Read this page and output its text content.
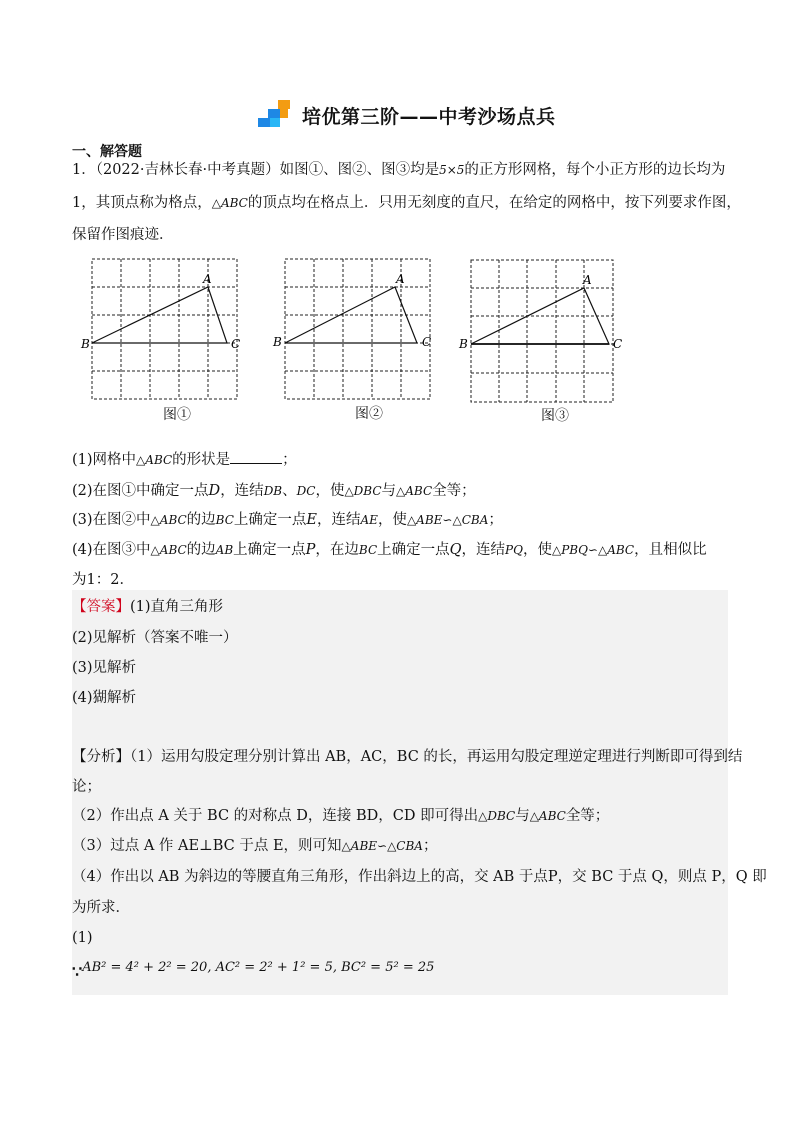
培优第三阶——中考沙场点兵
一、解答题
1．（2022·吉林长春·中考真题）如图①、图②、图③均是5×5的正方形网格，每个小正方形的边长均为
1，其顶点称为格点，△ABC的顶点均在格点上．只用无刻度的直尺，在给定的网格中，按下列要求作图，
保留作图痕迹．
A
B	C
图①
A
B	C
图②
A
B	C
图③
(1)网格中△ABC的形状是	；
(2)在图①中确定一点D，连结DB、DC，使△DBC与△ABC全等；
(3)在图②中△ABC的边BC上确定一点E，连结AE，使△ABE∽△CBA；
(4)在图③中△ABC的边AB上确定一点P，在边BC上确定一点Q，连结PQ，使△PBQ∽△ABC，且相似比
为1：2．
【答案】(1)直角三角形
(2)见解析（答案不唯一）
(3)见解析
(4)猢解析
【分析】（1）运用勾股定理分别计算出 AB，AC，BC 的长，再运用勾股定理逆定理进行判断即可得到结
论；
（2）作出点 A 关于 BC 的对称点 D，连接 BD，CD 即可得出△DBC与△ABC全等；
（3）过点 A 作 AE⊥BC 于点 E，则可知△ABE∽△CBA；
（4）作出以 AB 为斜边的等腰直角三角形，作出斜边上的高，交 AB 于点P，交 BC 于点 Q，则点 P，Q 即
为所求．
(1)
∵AB² = 4² + 2² = 20, AC² = 2² + 1² = 5, BC² = 5² = 25
